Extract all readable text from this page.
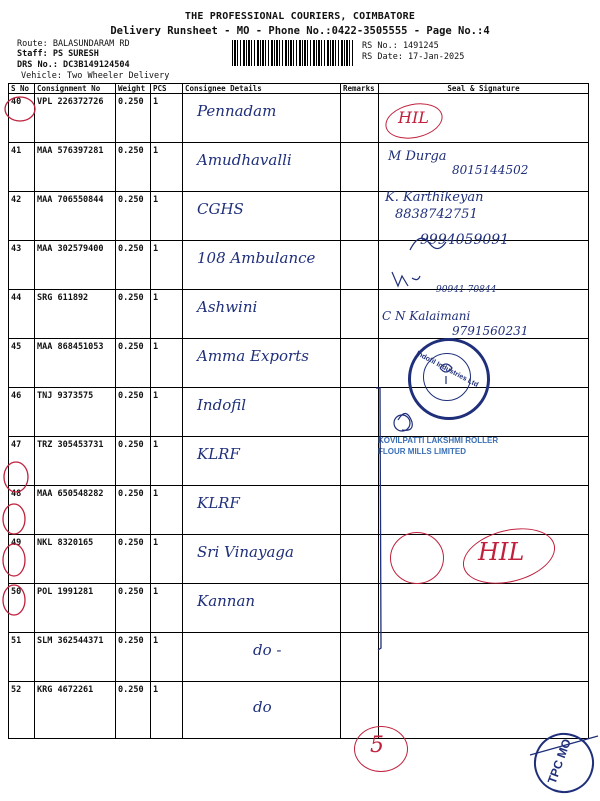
THE PROFESSIONAL COURIERS, COIMBATORE
Delivery Runsheet - MO - Phone No.:0422-3505555 - Page No.:4
Route: BALASUNDARAM RD
Staff: PS SURESH
DRS No.: DC3B149124504
Vehicle: Two Wheeler Delivery
RS No.: 1491245
RS Date: 17-Jan-2025
S No	Consignment No	Weight	PCS	Consignee Details	Remarks	Seal & Signature
40	VPL 226372726	0.250	1	Pennadam		
41	MAA 576397281	0.250	1	Amudhavalli		
42	MAA 706550844	0.250	1	CGHS		
43	MAA 302579400	0.250	1	108 Ambulance		
44	SRG 611892	0.250	1	Ashwini		
45	MAA 868451053	0.250	1	Amma Exports		
46	TNJ 9373575	0.250	1	Indofil		
47	TRZ 305453731	0.250	1	KLRF		
48	MAA 650548282	0.250	1	KLRF		
49	NKL 8320165	0.250	1	Sri Vinayaga		
50	POL 1991281	0.250	1	Kannan		
51	SLM 362544371	0.250	1	do -		
52	KRG 4672261	0.250	1	do		
M Durga
8015144502
K. Karthikeyan
8838742751
9994059091
90941-70844
C N Kalaimani
9791560231
KOVILPATTI LAKSHMI ROLLER
FLOUR MILLS LIMITED
HIL
HIL
5	TPC MO
Indofil Industries Ltd
